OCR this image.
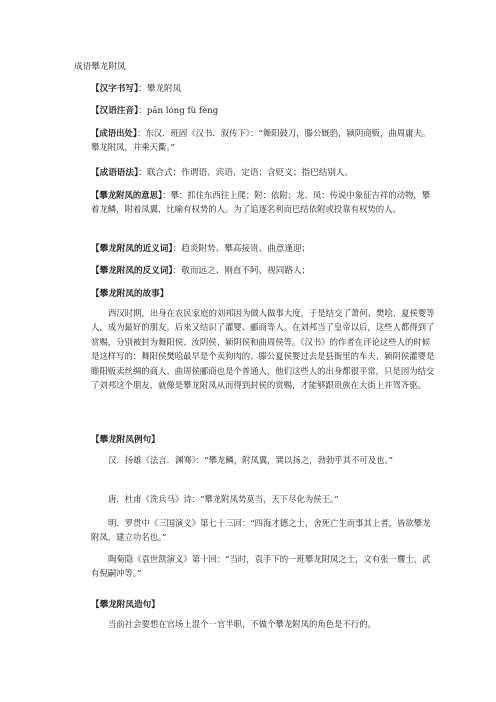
成语攀龙附凤
【汉字书写】：攀龙附凤
【汉语注音】：pān lóng fù fèng
【成语出处】：东汉．班固《汉书．叙传下》：“舞阳鼓刀，滕公厩驺，颍阴商贩，曲周庸夫。攀龙附凤，并乘天衢。”
【成语语法】：联合式；作谓语、宾语、定语；含贬义；指巴结别人。
【攀龙附凤的意思】：攀：抓住东西往上爬；附：依附；龙、凤：传说中象征吉祥的动物，攀着龙鳞，附着凤翼，比喻有权势的人。为了追逐名利而巴结依附或投靠有权势的人。
【攀龙附凤的近义词】：趋炎附势、攀高接贵、曲意逢迎；
【攀龙附凤的反义词】：敬而远之、刚直不阿、视同路人；
【攀龙附凤的故事】
西汉时期，出身在农民家庭的刘邦因为做人做事大度，于是结交了萧何、樊哙、夏侯婴等人，成为最好的朋友。后来又结识了灌婴、郦商等人。在刘邦当了皇帝以后，这些人都得到了赏赐，分别被封为舞阳侯、汝阴侯、颍阴侯和曲周侯等。《汉书》的作者在评论这些人的时候是这样写的：舞阳侯樊哙最早是个卖狗肉的、滕公夏侯婴过去是县衙里的车夫、颍阴侯灌婴是睢阳贩卖丝绸的商人、曲周侯郦商也是个普通人，他们这些人的出身都很平常，只是因为结交了刘邦这个朋友，就像是攀龙附凤从而得到封侯的赏赐，才能够跟贵族在大街上并驾齐驱。
【攀龙附凤例句】
汉．扬雄《法言．渊骞》：“攀龙鳞，附凤翼，巽以扬之，勃勃乎其不可及也。”
唐．杜甫《洗兵马》诗：“攀龙附凤势莫当，天下尽化为侯王。”
明．罗贯中《三国演义》第七十三回：“四海才德之士，舍死亡生而事其上者，皆欲攀龙附凤，建立功名也。”
陶菊隐《袁世凯演义》第十回：“当时，袁手下的一班攀龙附凤之士，文有张一麐士，武有倪嗣冲等。”
【攀龙附凤造句】
当前社会要想在官场上混个一官半职，不做个攀龙附凤的角色是不行的。
